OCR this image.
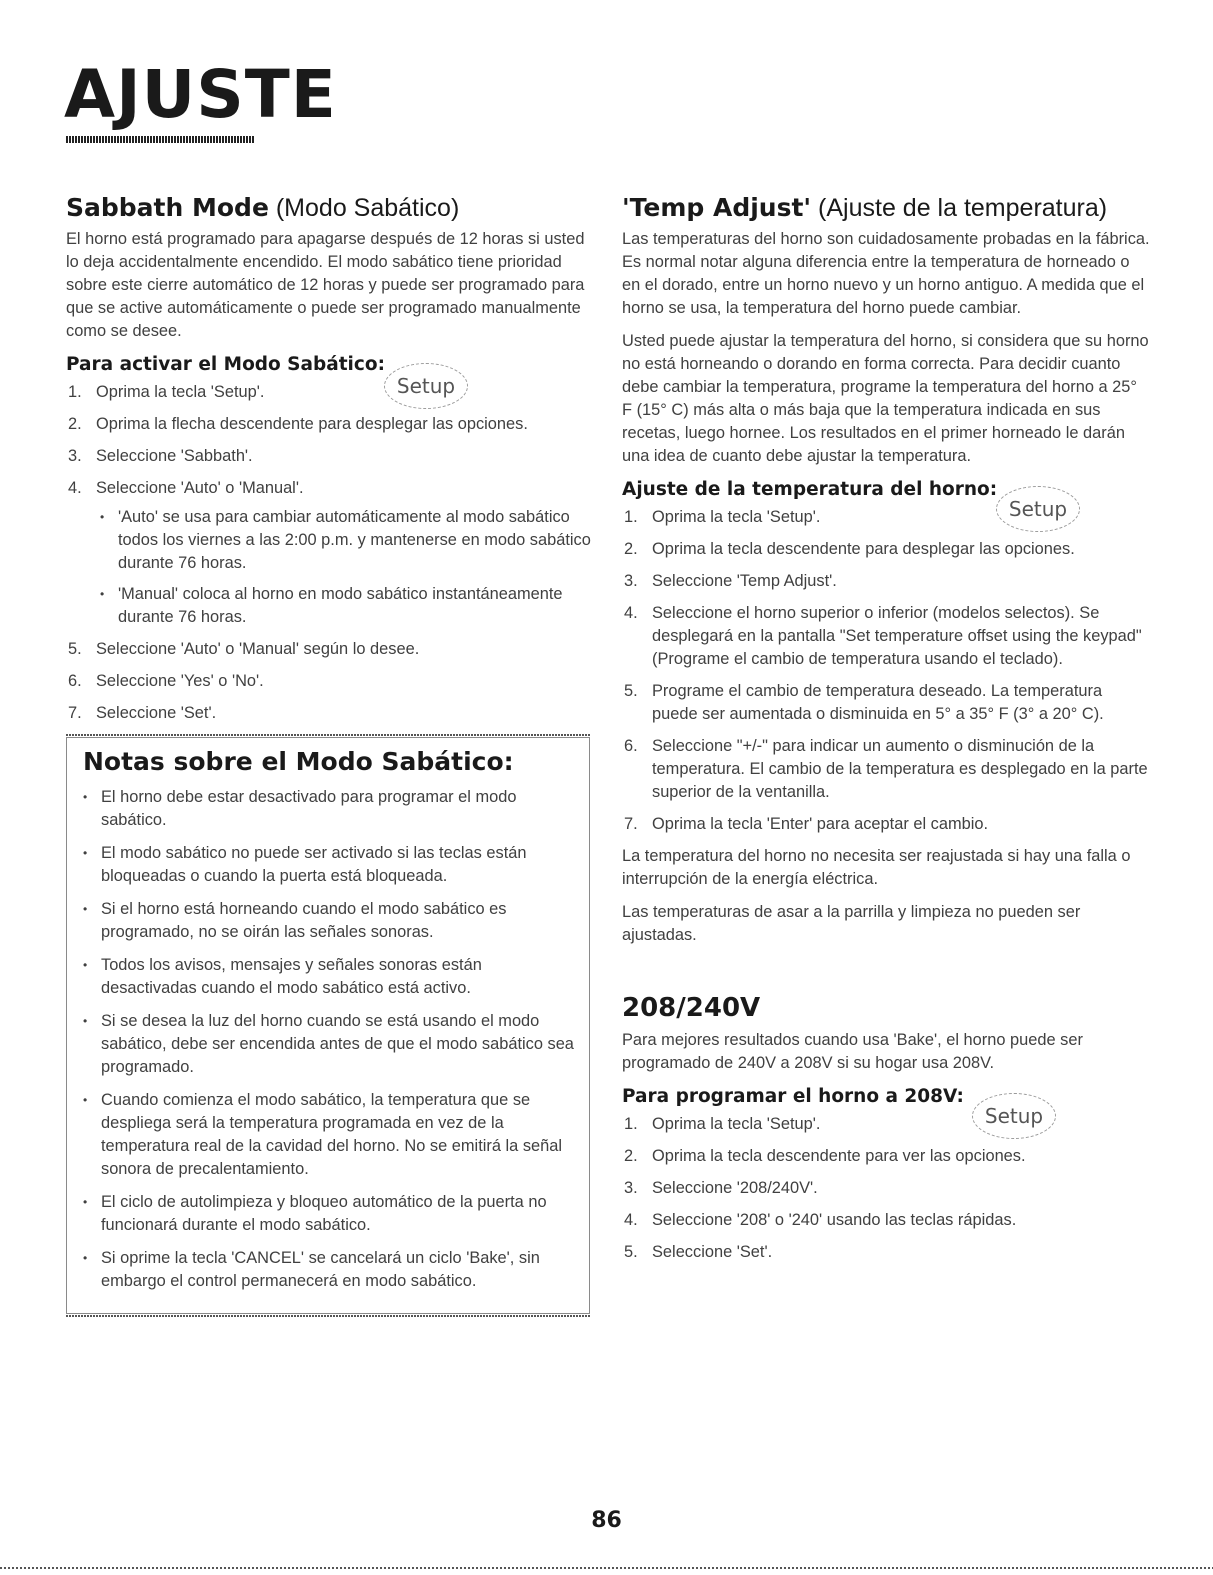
AJUSTE
Sabbath Mode (Modo Sabático)

El horno está programado para apagarse después de 12 horas si usted lo deja accidentalmente encendido. El modo sabático tiene prioridad sobre este cierre automático de 12 horas y puede ser programado para que se active automáticamente o puede ser programado manualmente como se desee.

Para activar el Modo Sabático:
Setup
1. Oprima la tecla 'Setup'.
2. Oprima la flecha descendente para desplegar las opciones.
3. Seleccione 'Sabbath'.
4. Seleccione 'Auto' o 'Manual'.
• 'Auto' se usa para cambiar automáticamente al modo sabático todos los viernes a las 2:00 p.m. y mantenerse en modo sabático durante 76 horas.
• 'Manual' coloca al horno en modo sabático instantáneamente durante 76 horas.
5. Seleccione 'Auto' o 'Manual' según lo desee.
6. Seleccione 'Yes' o 'No'.
7. Seleccione 'Set'.
Notas sobre el Modo Sabático:
• El horno debe estar desactivado para programar el modo sabático.
• El modo sabático no puede ser activado si las teclas están bloqueadas o cuando la puerta está bloqueada.
• Si el horno está horneando cuando el modo sabático es programado, no se oirán las señales sonoras.
• Todos los avisos, mensajes y señales sonoras están desactivadas cuando el modo sabático está activo.
• Si se desea la luz del horno cuando se está usando el modo sabático, debe ser encendida antes de que el modo sabático sea programado.
• Cuando comienza el modo sabático, la temperatura que se despliega será la temperatura programada en vez de la temperatura real de la cavidad del horno. No se emitirá la señal sonora de precalentamiento.
• El ciclo de autolimpieza y bloqueo automático de la puerta no funcionará durante el modo sabático.
• Si oprime la tecla 'CANCEL' se cancelará un ciclo 'Bake', sin embargo el control permanecerá en modo sabático.
'Temp Adjust' (Ajuste de la temperatura)

Las temperaturas del horno son cuidadosamente probadas en la fábrica. Es normal notar alguna diferencia entre la temperatura de horneado o en el dorado, entre un horno nuevo y un horno antiguo. A medida que el horno se usa, la temperatura del horno puede cambiar.

Usted puede ajustar la temperatura del horno, si considera que su horno no está horneando o dorando en forma correcta. Para decidir cuanto debe cambiar la temperatura, programe la temperatura del horno a 25° F (15° C) más alta o más baja que la temperatura indicada en sus recetas, luego hornee. Los resultados en el primer horneado le darán una idea de cuanto debe ajustar la temperatura.

Ajuste de la temperatura del horno:
Setup
1. Oprima la tecla 'Setup'.
2. Oprima la tecla descendente para desplegar las opciones.
3. Seleccione 'Temp Adjust'.
4. Seleccione el horno superior o inferior (modelos selectos). Se desplegará en la pantalla "Set temperature offset using the keypad" (Programe el cambio de temperatura usando el teclado).
5. Programe el cambio de temperatura deseado. La temperatura puede ser aumentada o disminuida en 5° a 35° F (3° a 20° C).
6. Seleccione "+/-" para indicar un aumento o disminución de la temperatura. El cambio de la temperatura es desplegado en la parte superior de la ventanilla.
7. Oprima la tecla 'Enter' para aceptar el cambio.

La temperatura del horno no necesita ser reajustada si hay una falla o interrupción de la energía eléctrica.

Las temperaturas de asar a la parrilla y limpieza no pueden ser ajustadas.

208/240V

Para mejores resultados cuando usa 'Bake', el horno puede ser programado de 240V a 208V si su hogar usa 208V.

Para programar el horno a 208V:
Setup
1. Oprima la tecla 'Setup'.
2. Oprima la tecla descendente para ver las opciones.
3. Seleccione '208/240V'.
4. Seleccione '208' o '240' usando las teclas rápidas.
5. Seleccione 'Set'.
86
